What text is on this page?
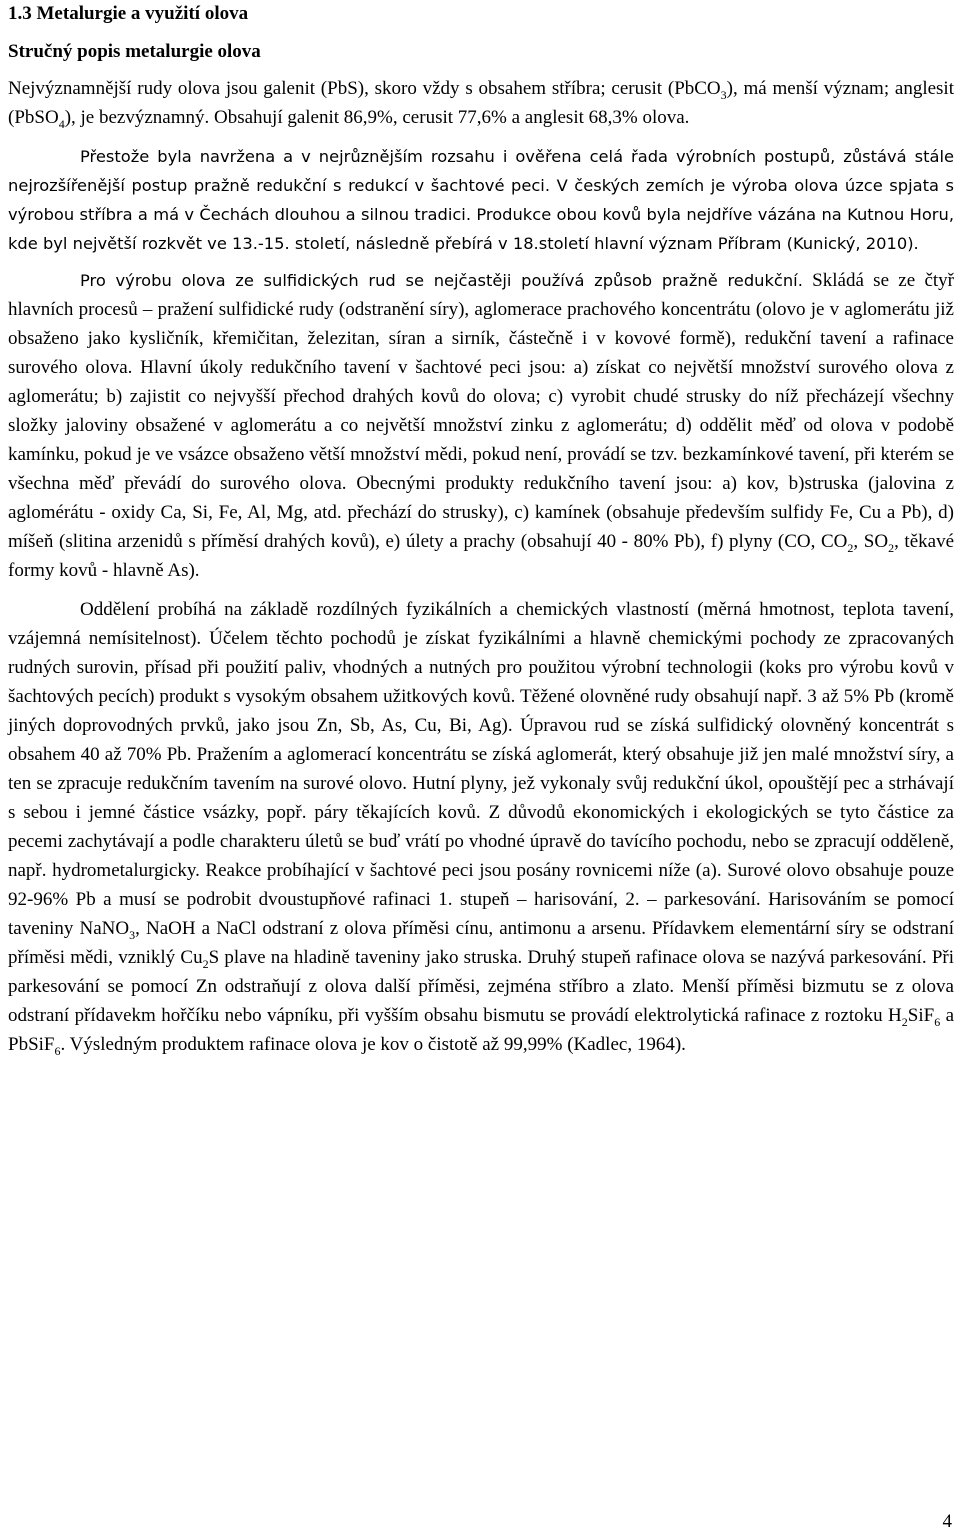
1.3 Metalurgie a využití olova
Stručný popis metalurgie olova

Nejvýznamnější rudy olova jsou galenit (PbS), skoro vždy s obsahem stříbra; cerusit (PbCO$_3$), má menší význam; anglesit (PbSO$_4$), je bezvýznamný. Obsahují galenit 86,9%, cerusit 77,6% a anglesit 68,3% olova.

Přestože byla navržena a v nejrůznějším rozsahu i ověřena celá řada výrobních postupů, zůstává stále nejrozšířenější postup pražně redukční s redukcí v šachtové peci. V českých zemích je výroba olova úzce spjata s výrobou stříbra a má v Čechách dlouhou a silnou tradici. Produkce obou kovů byla nejdříve vázána na Kutnou Horu, kde byl největší rozkvět ve 13.-15. století, následně přebírá v 18.století hlavní význam Příbram (Kunický, 2010).

Pro výrobu olova ze sulfidických rud se nejčastěji používá způsob pražně redukční. Skládá se ze čtyř hlavních procesů – pražení sulfidické rudy (odstranění síry), aglomerace prachového koncentrátu (olovo je v aglomerátu již obsaženo jako kysličník, křemičitan, železitan, síran a sirník, částečně i v kovové formě), redukční tavení a rafinace surového olova. Hlavní úkoly redukčního tavení v šachtové peci jsou: a) získat co největší množství surového olova z aglomerátu; b) zajistit co nejvyšší přechod drahých kovů do olova; c) vyrobit chudé strusky do níž přecházejí všechny složky jaloviny obsažené v aglomerátu a co největší množství zinku z aglomerátu; d) oddělit měď od olova v podobě kamínku, pokud je ve vsázce obsaženo větší množství mědi, pokud není, provádí se tzv. bezkamínkové tavení, při kterém se všechna měď převádí do surového olova. Obecnými produkty redukčního tavení jsou: a) kov, b)struska (jalovina z aglomérátu - oxidy Ca, Si, Fe, Al, Mg, atd. přechází do strusky), c) kamínek (obsahuje především sulfidy Fe, Cu a Pb), d) míšeň (slitina arzenidů s příměsí drahých kovů), e) úlety a prachy (obsahují 40 - 80% Pb), f) plyny (CO, $CO_2$, $SO_2$, těkavé formy kovů - hlavně As).

Oddělení probíhá na základě rozdílných fyzikálních a chemických vlastností (měrná hmotnost, teplota tavení, vzájemná nemísitelnost). Účelem těchto pochodů je získat fyzikálními a hlavně chemickými pochody ze zpracovaných rudných surovin, přísad při použití paliv, vhodných a nutných pro použitou výrobní technologii (koks pro výrobu kovů v šachtových pecích) produkt s vysokým obsahem užitkových kovů. Těžené olovněné rudy obsahují např. 3 až 5% Pb (kromě jiných doprovodných prvků, jako jsou Zn, Sb, As, Cu, Bi, Ag). Úpravou rud se získá sulfidický olovněný koncentrát s obsahem 40 až 70% Pb. Pražením a aglomerací koncentrátu se získá aglomerát, který obsahuje již jen malé množství síry, a ten se zpracuje redukčním tavením na surové olovo. Hutní plyny, jež vykonaly svůj redukční úkol, opouštějí pec a strhávají s sebou i jemné částice vsázky, popř. páry těkajících kovů. Z důvodů ekonomických i ekologických se tyto částice za pecemi zachytávají a podle charakteru úletů se buď vrátí po vhodné úpravě do tavícího pochodu, nebo se zpracují odděleně, např. hydrometalurgicky. Reakce probíhající v šachtové peci jsou posány rovnicemi níže (a). Surové olovo obsahuje pouze 92-96% Pb a musí se podrobit dvoustupňové rafinaci 1. stupeň – harisování, 2. – parkesování. Harisováním se pomocí taveniny NaNO$_3$, NaOH a NaCl odstraní z olova příměsi cínu, antimonu a arsenu. Přídavkem elementární síry se odstraní příměsi mědi, vzniklý $Cu_2S$ plave na hladině taveniny jako struska. Druhý stupeň rafinace olova se nazývá parkesování. Při parkesování se pomocí Zn odstraňují z olova další příměsi, zejména stříbro a zlato. Menší příměsi bizmutu se z olova odstraní přídavekm hořčíku nebo vápníku, při vyšším obsahu bismutu se provádí elektrolytická rafinace z roztoku $H_2SiF_6$ a PbSiF$_6$. Výsledným produktem rafinace olova je kov o čistotě až 99,99% (Kadlec, 1964).

4
